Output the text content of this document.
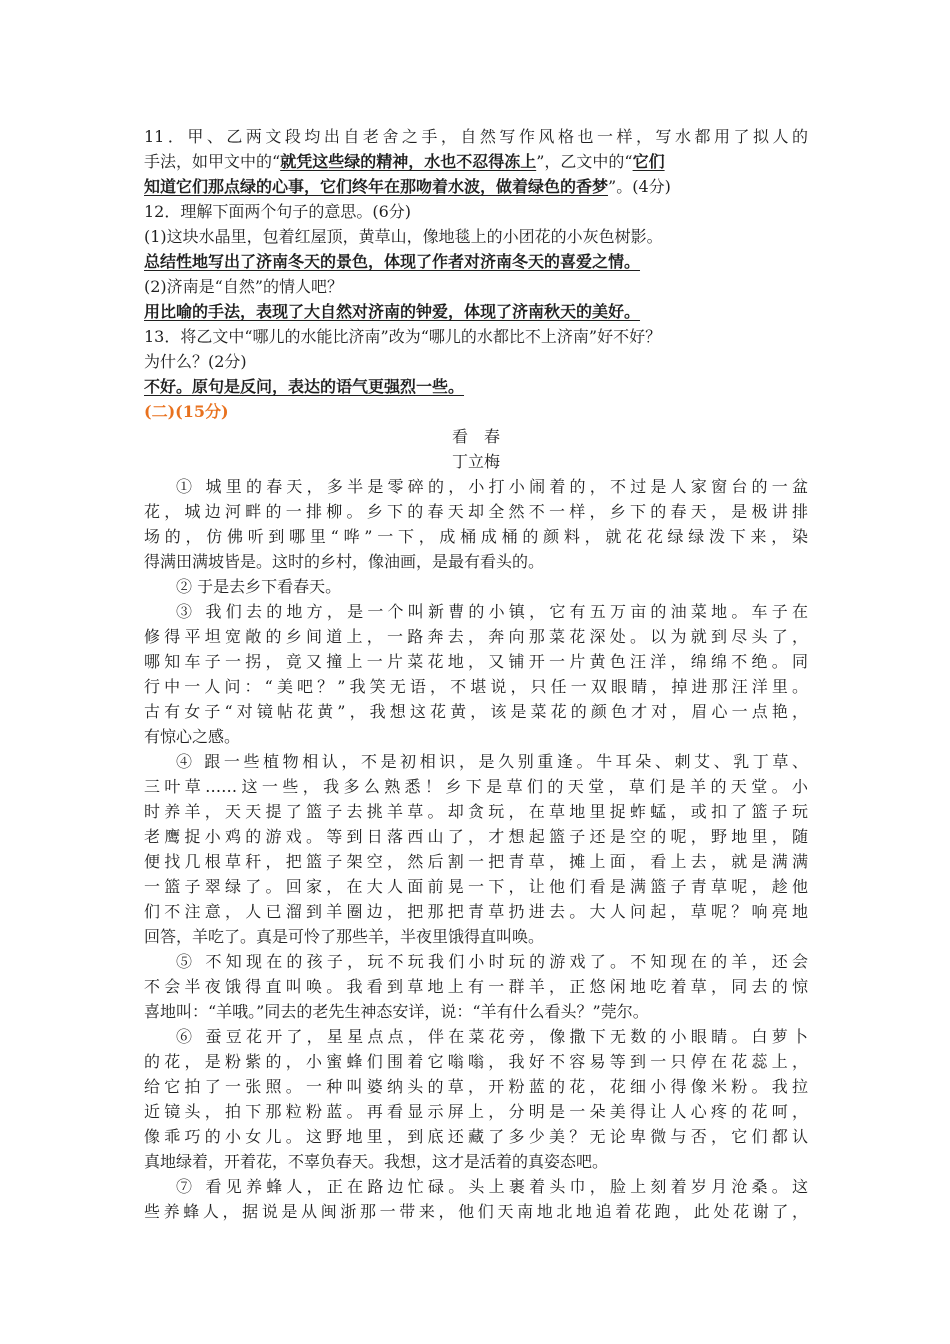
11．甲、乙两文段均出自老舍之手，自然写作风格也一样，写水都用了拟人的
手法，如甲文中的“就凭这些绿的精神，水也不忍得冻上”，乙文中的“它们
知道它们那点绿的心事，它们终年在那吻着水波，做着绿色的香梦”。(4分)
12．理解下面两个句子的意思。(6分)
(1)这块水晶里，包着红屋顶，黄草山，像地毯上的小团花的小灰色树影。
总结性地写出了济南冬天的景色，体现了作者对济南冬天的喜爱之情。
(2)济南是“自然”的情人吧？
用比喻的手法，表现了大自然对济南的钟爱，体现了济南秋天的美好。
13．将乙文中“哪儿的水能比济南”改为“哪儿的水都比不上济南”好不好？
为什么？(2分)
不好。原句是反问，表达的语气更强烈一些。
(二)(15分)
看春
丁立梅
① 城里的春天，多半是零碎的，小打小闹着的，不过是人家窗台的一盆
花，城边河畔的一排柳。乡下的春天却全然不一样，乡下的春天，是极讲排
场的，仿佛听到哪里“哗”一下，成桶成桶的颜料，就花花绿绿泼下来，染
得满田满坡皆是。这时的乡村，像油画，是最有看头的。
② 于是去乡下看春天。
③ 我们去的地方，是一个叫新曹的小镇，它有五万亩的油菜地。车子在
修得平坦宽敞的乡间道上，一路奔去，奔向那菜花深处。以为就到尽头了，
哪知车子一拐，竟又撞上一片菜花地，又铺开一片黄色汪洋，绵绵不绝。同
行中一人问：“美吧？”我笑无语，不堪说，只任一双眼睛，掉进那汪洋里。
古有女子“对镜帖花黄”，我想这花黄，该是菜花的颜色才对，眉心一点艳，
有惊心之感。
④ 跟一些植物相认，不是初相识，是久别重逢。牛耳朵、刺艾、乳丁草、
三叶草……这一些，我多么熟悉！乡下是草们的天堂，草们是羊的天堂。小
时养羊，天天提了篮子去挑羊草。却贪玩，在草地里捉蚱蜢，或扣了篮子玩
老鹰捉小鸡的游戏。等到日落西山了，才想起篮子还是空的呢，野地里，随
便找几根草秆，把篮子架空，然后割一把青草，摊上面，看上去，就是满满
一篮子翠绿了。回家，在大人面前晃一下，让他们看是满篮子青草呢，趁他
们不注意，人已溜到羊圈边，把那把青草扔进去。大人问起，草呢？响亮地
回答，羊吃了。真是可怜了那些羊，半夜里饿得直叫唤。
⑤ 不知现在的孩子，玩不玩我们小时玩的游戏了。不知现在的羊，还会
不会半夜饿得直叫唤。我看到草地上有一群羊，正悠闲地吃着草，同去的惊
喜地叫：“羊哦。”同去的老先生神态安详，说：“羊有什么看头？”莞尔。
⑥ 蚕豆花开了，星星点点，伴在菜花旁，像撒下无数的小眼睛。白萝卜
的花，是粉紫的，小蜜蜂们围着它嗡嗡，我好不容易等到一只停在花蕊上，
给它拍了一张照。一种叫婆纳头的草，开粉蓝的花，花细小得像米粉。我拉
近镜头，拍下那粒粉蓝。再看显示屏上，分明是一朵美得让人心疼的花呵，
像乖巧的小女儿。这野地里，到底还藏了多少美？无论卑微与否，它们都认
真地绿着，开着花，不辜负春天。我想，这才是活着的真姿态吧。
⑦ 看见养蜂人，正在路边忙碌。头上裹着头巾，脸上刻着岁月沧桑。这
些养蜂人，据说是从闽浙那一带来，他们天南地北地追着花跑，此处花谢了，
